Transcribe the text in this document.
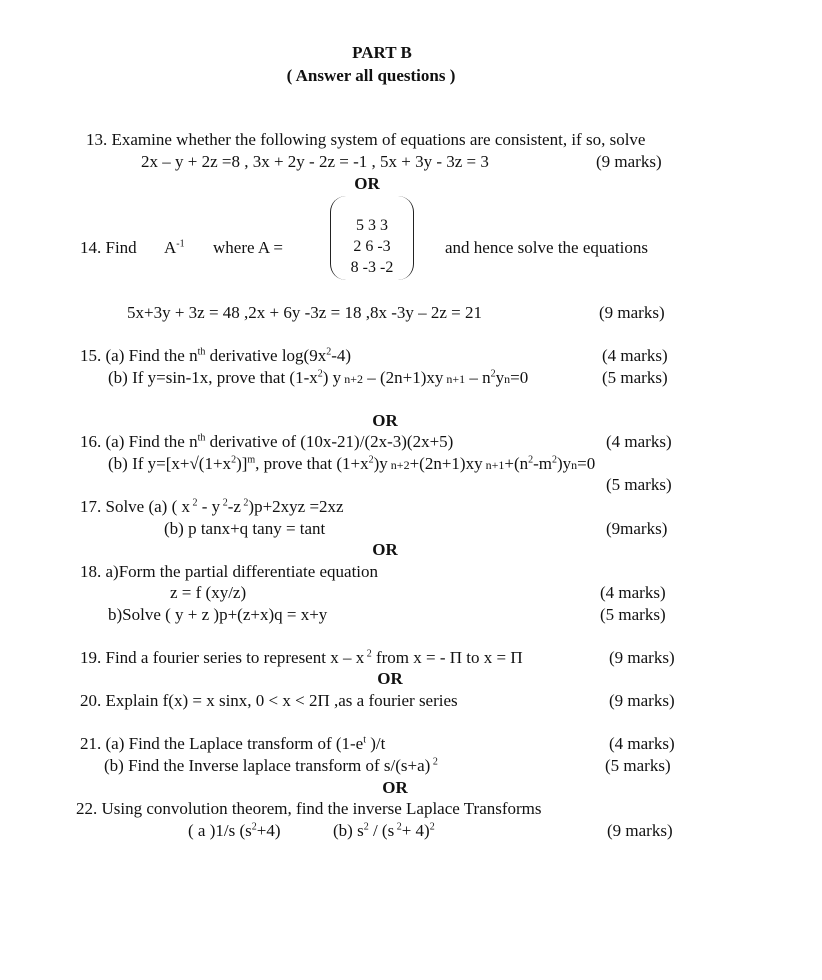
PART B
( Answer all questions )
13. Examine whether the following system of equations are consistent, if so, solve
2x – y + 2z =8 , 3x + 2y - 2z = -1 , 5x + 3y - 3z = 3	(9 marks)
OR
14. Find $A^{-1}$ where A =
5 3 3
2 6 -3
8 -3 -2
and hence solve the equations
5x+3y + 3z = 48 ,2x + 6y -3z = 18 ,8x -3y – 2z = 21	(9 marks)
15. (a) Find the $n^{th}$ derivative $\log(9x^2-4)$	(4 marks)
(b) If y=sin-1x, prove that $(1-x^2)$ y n+2 – (2n+1)xy $n+1 - n^2yn=0$	(5 marks)
OR
16. (a) Find the $n^{th}$ derivative of (10x-21)/(2x-3)(2x+5)	(4 marks)
(b) If $y=[x+√(1+x^2)]^m$, prove that $(1+x^2)y$ n+2+(2n+1)xy $n+1+(n^2-m^2)yn=0$
(5 marks)
17. Solve (a) ( x $^2$ - y $^2$-z $^2$)p+2xyz =2xz
(b) p tanx+q tany = tant	(9marks)
OR
18. a)Form the partial differentiate equation
z = f (xy/z)	(4 marks)
b)Solve ( y + z )p+(z+x)q = x+y	(5 marks)
19. Find a fourier series to represent x – x $^2$ from x = - Π to x = Π	(9 marks)
OR
20. Explain f(x) = x sinx, 0 < x < 2Π ,as a fourier series	(9 marks)
21. (a) Find the Laplace transform of ($1-e^t$ )/t	(4 marks)
(b) Find the Inverse laplace transform of s/(s+a) $^2$	(5 marks)
OR
22. Using convolution theorem, find the inverse Laplace Transforms
( a )1/s $(s^2+4)$	(b) $s^2 / (s$ $^2$+ 4)$^2$	(9 marks)
